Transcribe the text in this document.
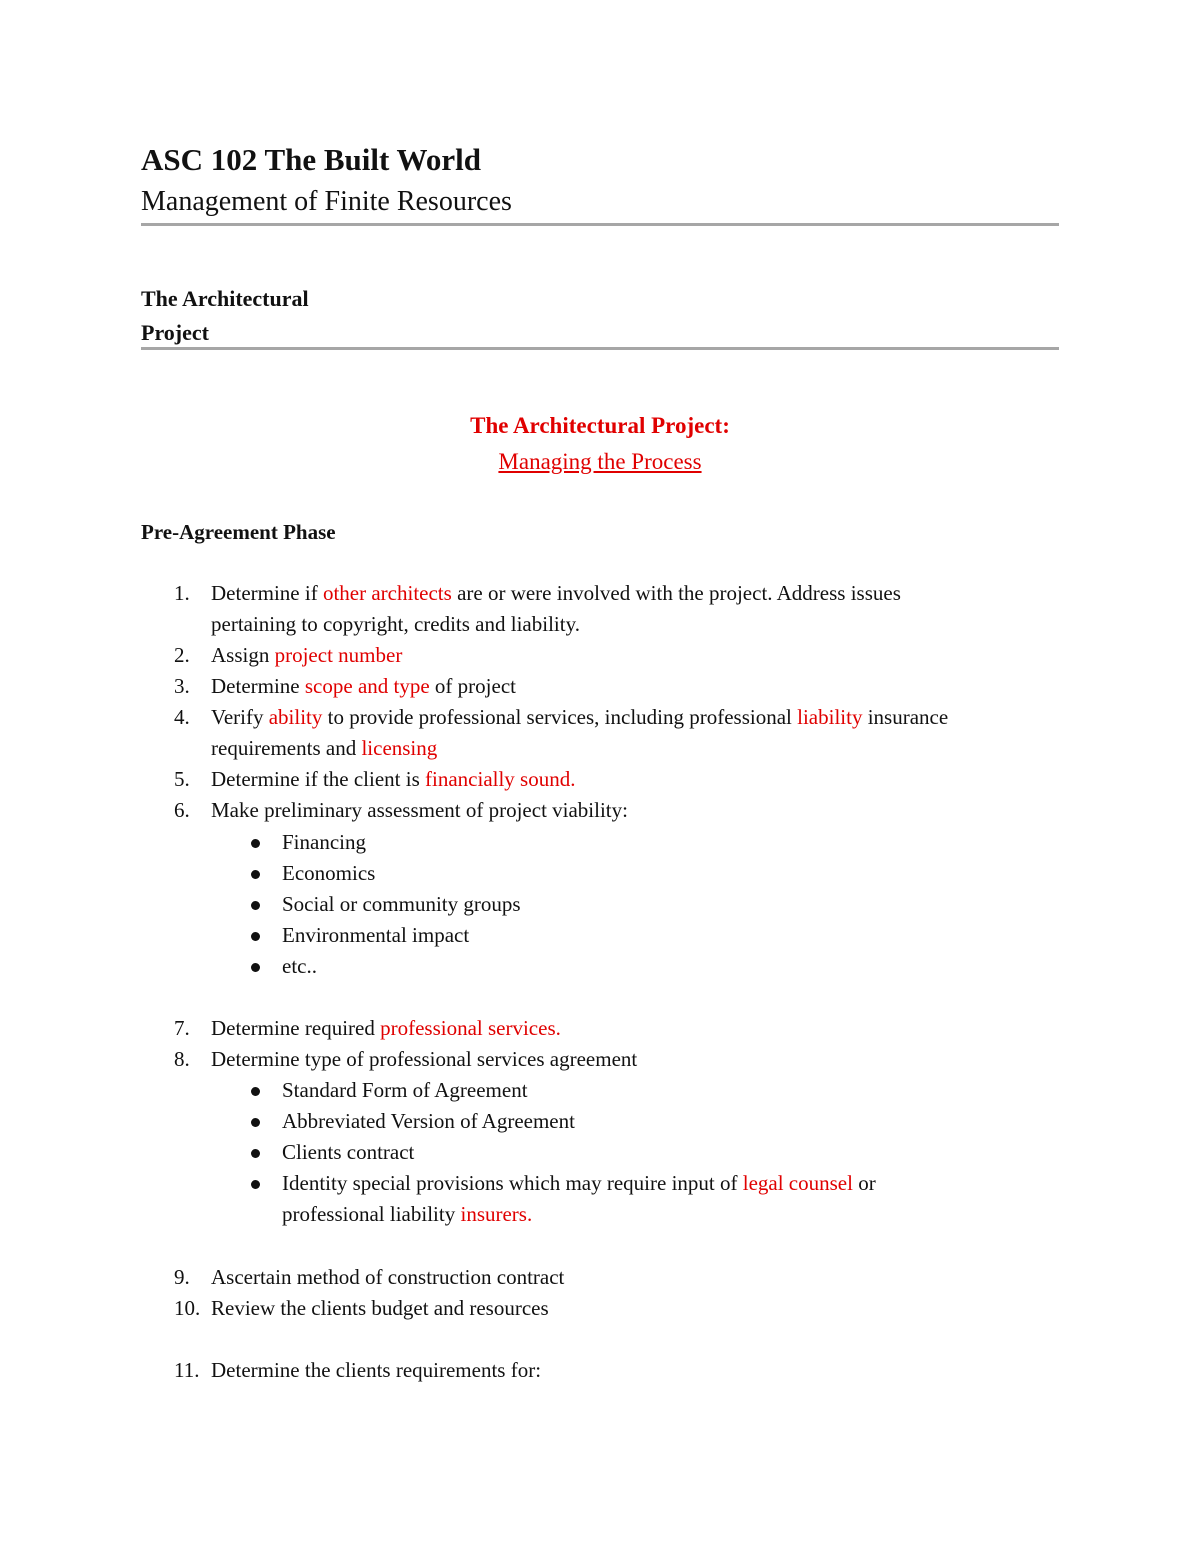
ASC 102 The Built World
Management of Finite Resources
The Architectural
Project
The Architectural Project:
Managing the Process
Pre-Agreement Phase
1.	Determine if other architects are or were involved with the project. Address issues
pertaining to copyright, credits and liability.
2.	Assign project number
3.	Determine scope and type of project
4.	Verify ability to provide professional services, including professional liability insurance
requirements and licensing
5.	Determine if the client is financially sound.
6.	Make preliminary assessment of project viability:
Financing
Economics
Social or community groups
Environmental impact
etc..
7.	Determine required professional services.
8.	Determine type of professional services agreement
Standard Form of Agreement
Abbreviated Version of Agreement
Clients contract
Identity special provisions which may require input of legal counsel or
professional liability insurers.
9.	Ascertain method of construction contract
10. Review the clients budget and resources
11. Determine the clients requirements for:
